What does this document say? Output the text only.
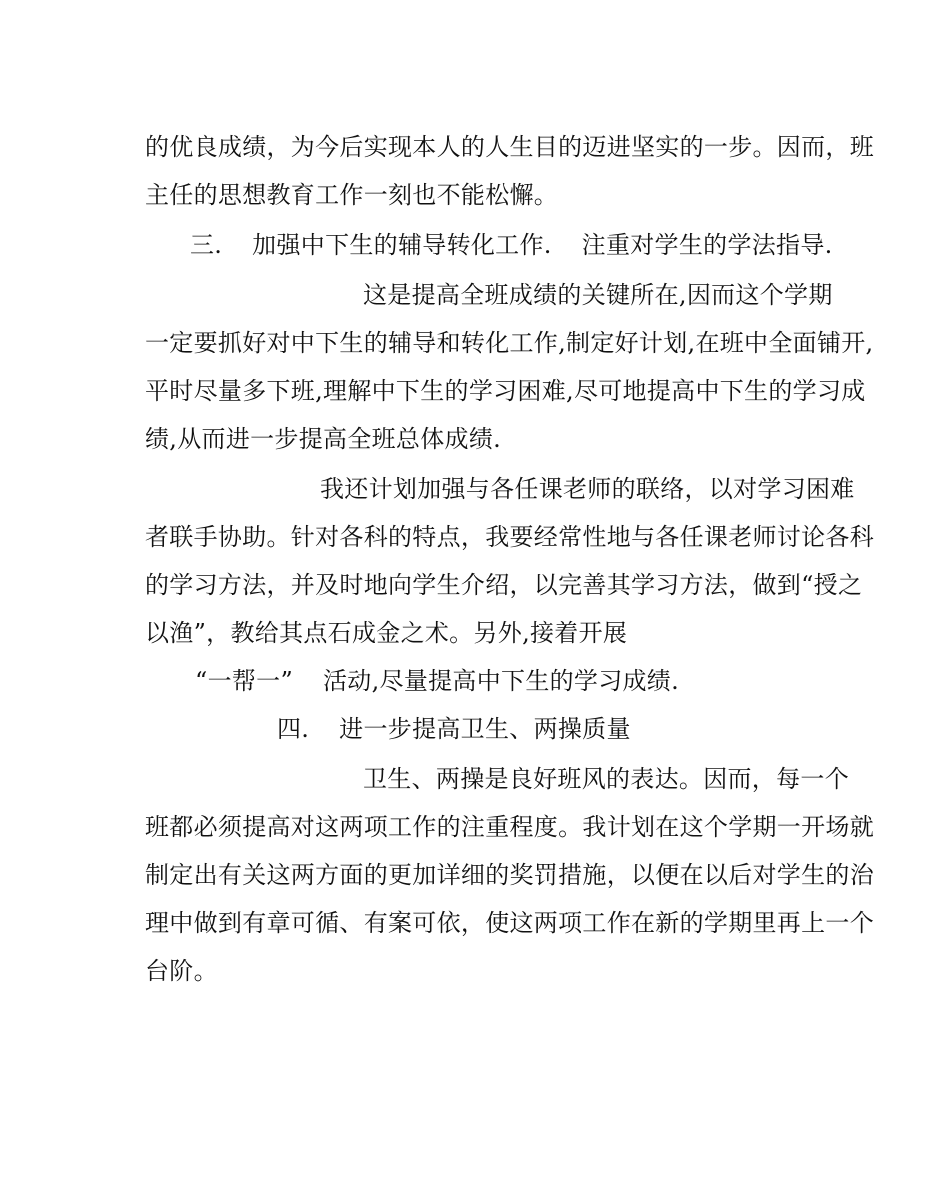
的优良成绩，为今后实现本人的人生目的迈进坚实的一步。因而，班
主任的思想教育工作一刻也不能松懈。
三. 加强中下生的辅导转化工作. 注重对学生的学法指导.
这是提高全班成绩的关键所在,因而这个学期
一定要抓好对中下生的辅导和转化工作,制定好计划,在班中全面铺开,
平时尽量多下班,理解中下生的学习困难,尽可地提高中下生的学习成
绩,从而进一步提高全班总体成绩.
我还计划加强与各任课老师的联络，以对学习困难
者联手协助。针对各科的特点，我要经常性地与各任课老师讨论各科
的学习方法，并及时地向学生介绍，以完善其学习方法，做到“授之
以渔”，教给其点石成金之术。另外,接着开展
“一帮一” 活动,尽量提高中下生的学习成绩.
四. 进一步提高卫生、两操质量
卫生、两操是良好班风的表达。因而，每一个
班都必须提高对这两项工作的注重程度。我计划在这个学期一开场就
制定出有关这两方面的更加详细的奖罚措施，以便在以后对学生的治
理中做到有章可循、有案可依，使这两项工作在新的学期里再上一个
台阶。
